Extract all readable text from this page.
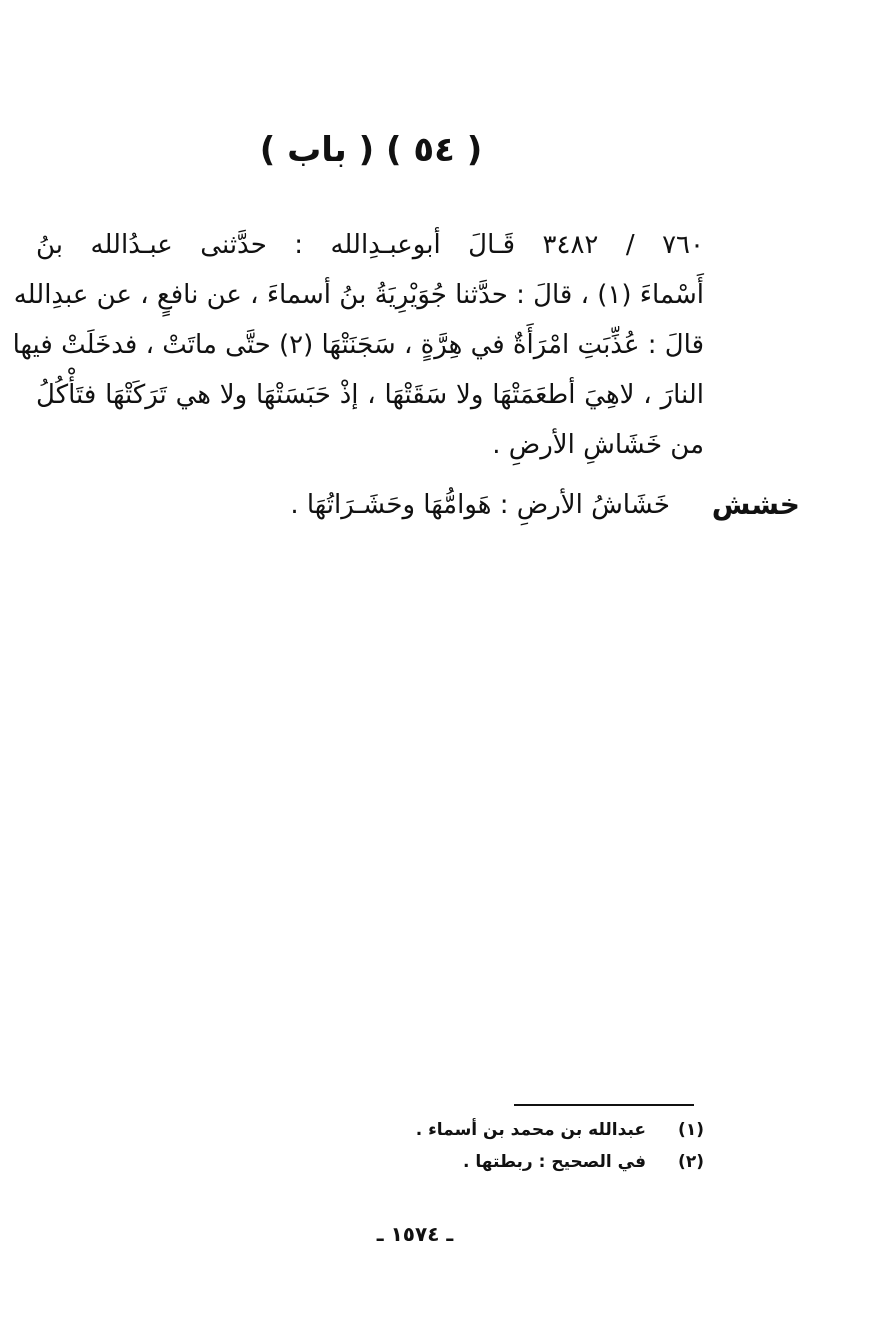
( ٥٤ ) ( باب )
٧٦٠ / ٣٤٨٢ قَـالَ أبوعبـدِالله : حدَّثنى عبـدُالله بنُ
أَسْماءَ (١) ، قالَ : حدَّثنا جُوَيْرِيَةُ بنُ أسماءَ ، عن نافعٍ ، عن عبدِالله
قالَ : عُذِّبَتِ امْرَأَةٌ في هِرَّةٍ ، سَجَنَتْهَا (٢) حتَّى ماتَتْ ، فدخَلَتْ فيها
النارَ ، لاهِيَ أطعَمَتْهَا ولا سَقَتْهَا ، إذْ حَبَسَتْهَا ولا هي تَرَكَتْهَا فتَأْكُلُ
من خَشَاشِ الأرضِ .
خشش
خَشَاشُ الأرضِ : هَوامُّهَا وحَشَـرَاتُهَا .
(١)
عبدالله بن محمد بن أسماء .
(٢)
في الصحيح : ربطتها .
ـ ١٥٧٤ ـ
